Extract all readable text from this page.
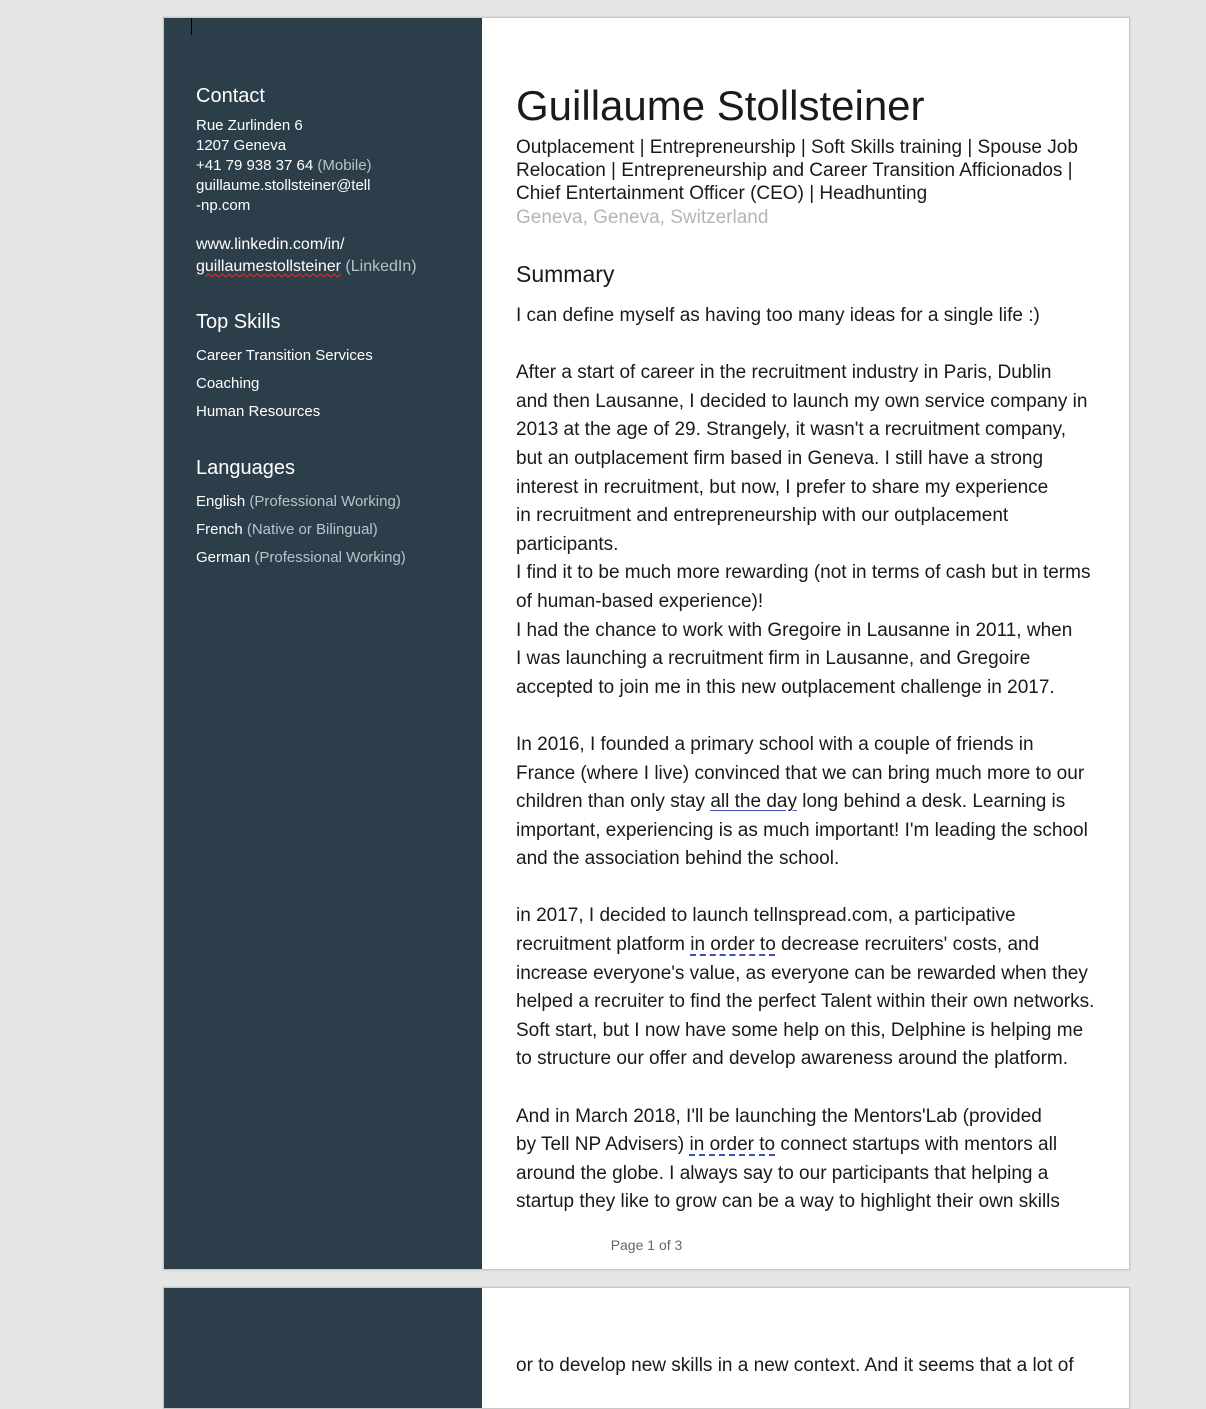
Contact
Rue Zurlinden 6
1207 Geneva
+41 79 938 37 64 (Mobile)
guillaume.stollsteiner@tell
-np.com
www.linkedin.com/in/
guillaumestollsteiner (LinkedIn)
Top Skills
Career Transition Services
Coaching
Human Resources
Languages
English (Professional Working)
French (Native or Bilingual)
German (Professional Working)
Guillaume Stollsteiner
Outplacement | Entrepreneurship | Soft Skills training | Spouse Job Relocation | Entrepreneurship and Career Transition Afficionados | Chief Entertainment Officer (CEO) | Headhunting
Geneva, Geneva, Switzerland
Summary

I can define myself as having too many ideas for a single life :)

After a start of career in the recruitment industry in Paris, Dublin
and then Lausanne, I decided to launch my own service company in
2013 at the age of 29. Strangely, it wasn't a recruitment company,
but an outplacement firm based in Geneva. I still have a strong
interest in recruitment, but now, I prefer to share my experience
in recruitment and entrepreneurship with our outplacement
participants.
I find it to be much more rewarding (not in terms of cash but in terms
of human-based experience)!
I had the chance to work with Gregoire in Lausanne in 2011, when
I was launching a recruitment firm in Lausanne, and Gregoire
accepted to join me in this new outplacement challenge in 2017.

In 2016, I founded a primary school with a couple of friends in
France (where I live) convinced that we can bring much more to our
children than only stay all the day long behind a desk. Learning is
important, experiencing is as much important! I'm leading the school
and the association behind the school.

in 2017, I decided to launch tellnspread.com, a participative
recruitment platform in order to decrease recruiters' costs, and
increase everyone's value, as everyone can be rewarded when they
helped a recruiter to find the perfect Talent within their own networks.
Soft start, but I now have some help on this, Delphine is helping me
to structure our offer and develop awareness around the platform.

And in March 2018, I'll be launching the Mentors'Lab (provided
by Tell NP Advisers) in order to connect startups with mentors all
around the globe. I always say to our participants that helping a
startup they like to grow can be a way to highlight their own skills

Page 1 of 3
or to develop new skills in a new context. And it seems that a lot of
